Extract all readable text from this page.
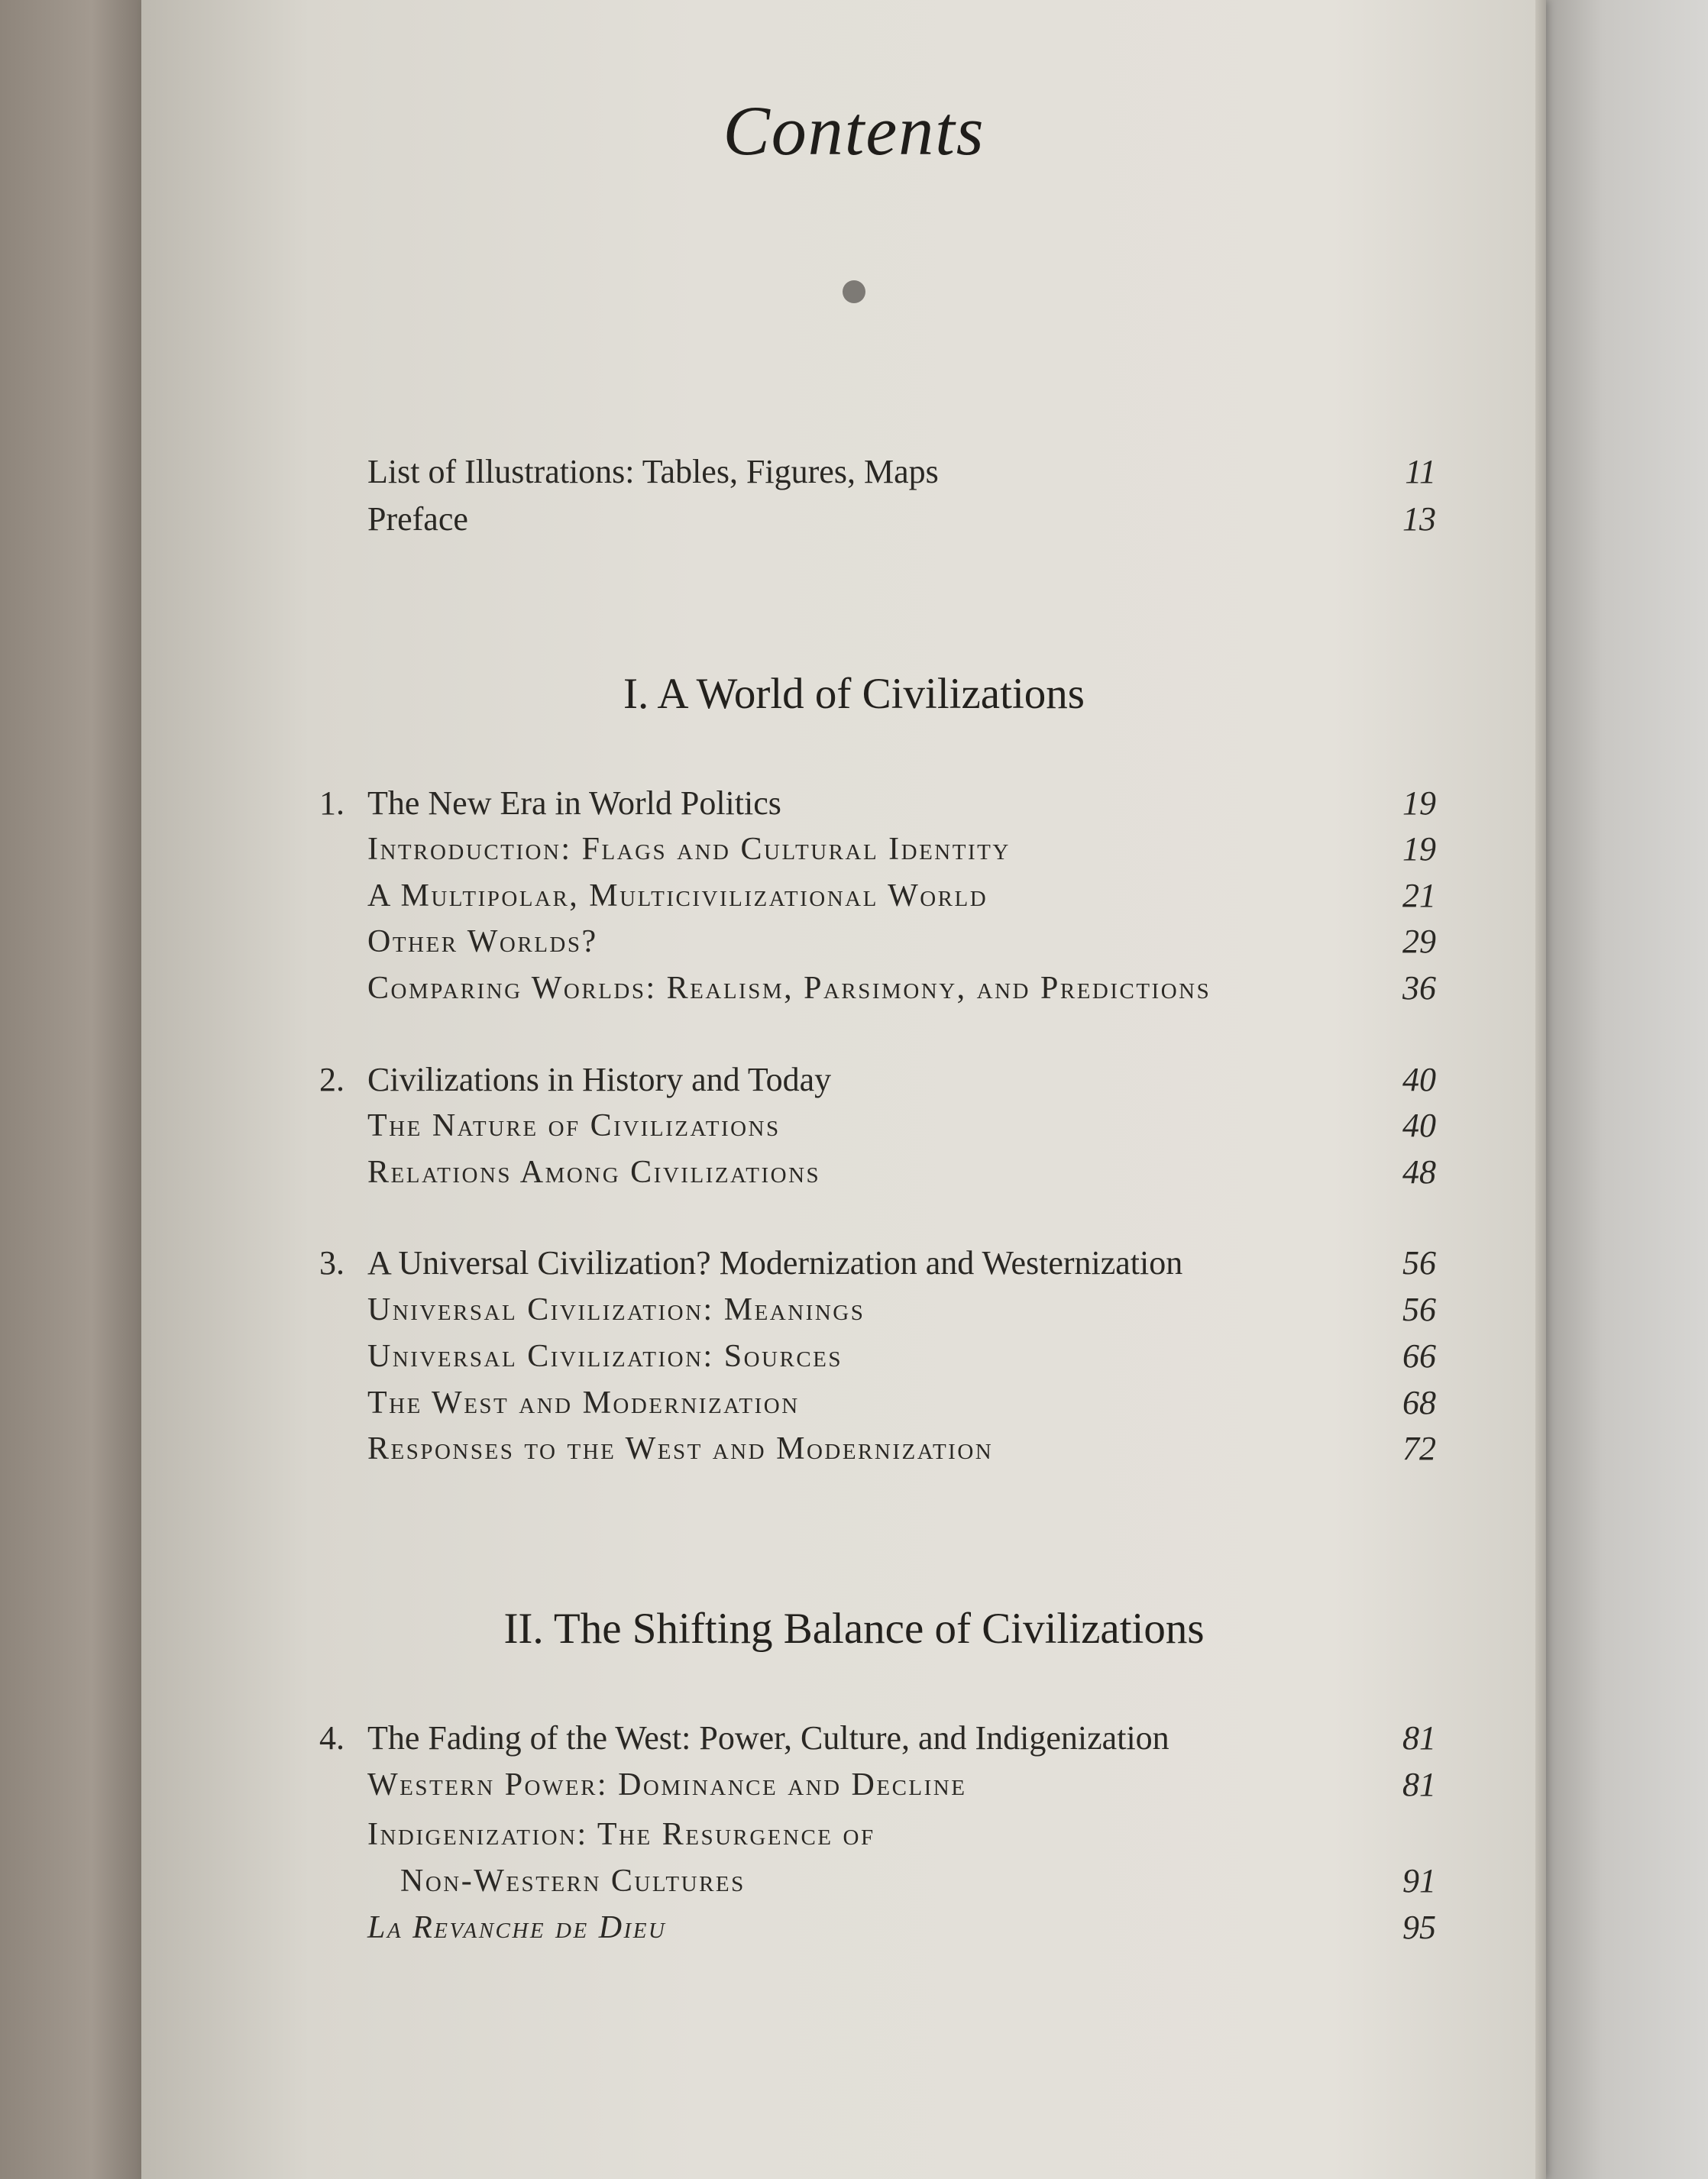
Contents
List of Illustrations: Tables, Figures, Maps	11
Preface	13
I. A World of Civilizations
1. The New Era in World Politics	19
Introduction: Flags and Cultural Identity	19
A Multipolar, Multicivilizational World	21
Other Worlds?	29
Comparing Worlds: Realism, Parsimony, and Predictions	36
2. Civilizations in History and Today	40
The Nature of Civilizations	40
Relations Among Civilizations	48
3. A Universal Civilization? Modernization and Westernization	56
Universal Civilization: Meanings	56
Universal Civilization: Sources	66
The West and Modernization	68
Responses to the West and Modernization	72
II. The Shifting Balance of Civilizations
4. The Fading of the West: Power, Culture, and Indigenization	81
Western Power: Dominance and Decline	81
Indigenization: The Resurgence of
Non-Western Cultures	91
La Revanche de Dieu	95
